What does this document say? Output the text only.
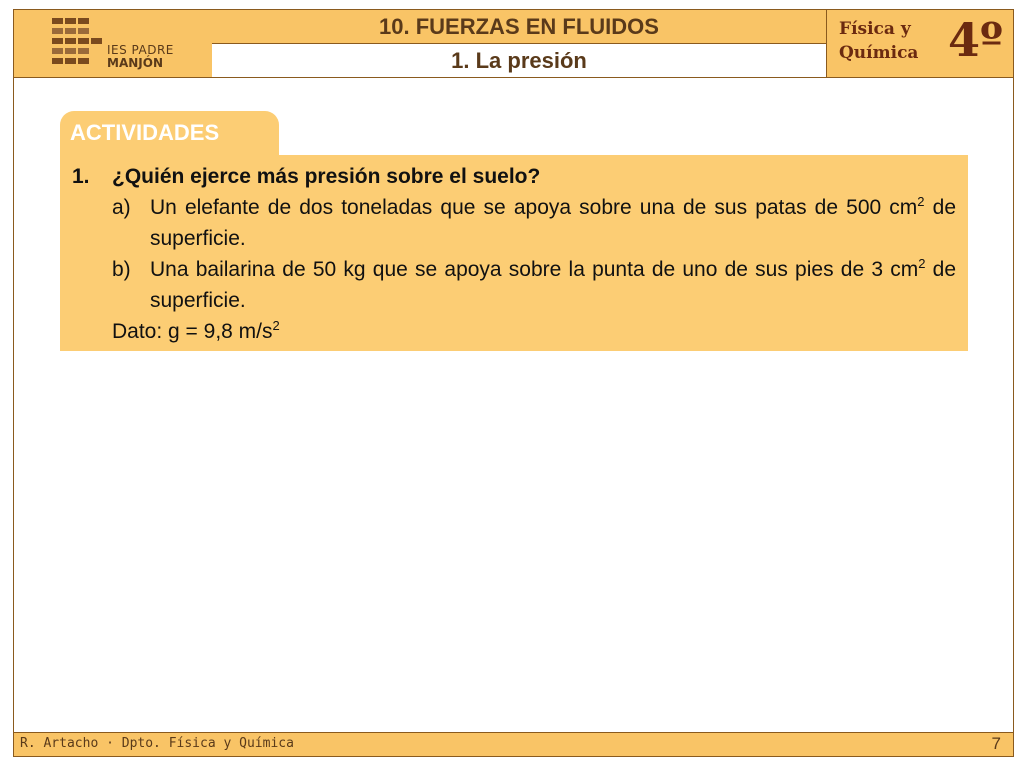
IES PADRE
MANJÓN
10. FUERZAS EN FLUIDOS
1. La presión
Física y
Química 4º
R. Artacho · Dpto. Física y Química	7
ACTIVIDADES
1.	¿Quién ejerce más presión sobre el suelo?
a) Un elefante de dos toneladas que se apoya sobre una de sus patas de 500 $cm^2$ de superficie.
b) Una bailarina de 50 kg que se apoya sobre la punta de uno de sus pies de 3 $cm^2$ de superficie.
Dato: g = 9,8 $m/s^2$
